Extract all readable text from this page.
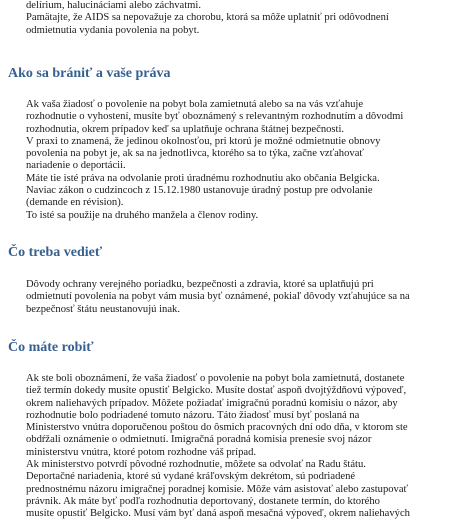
delírium, halucináciami alebo záchvatmi.
Pamätajte, že AIDS sa nepovažuje za chorobu, ktorá sa môže uplatniť pri odôvodnení
odmietnutia vydania povolenia na pobyt.
Ako sa brániť a vaše práva
Ak vaša žiadosť o povolenie na pobyt bola zamietnutá alebo sa na vás vzťahuje
rozhodnutie o vyhostení, musíte byť oboznámený s relevantným rozhodnutím a dôvodmi
rozhodnutia, okrem prípadov keď sa uplatňuje ochrana štátnej bezpečnosti.
V praxi to znamená, že jedinou okolnosťou, pri ktorú je možné odmietnutie obnovy
povolenia na pobyt je, ak sa na jednotlivca, ktorého sa to týka, začne vzťahovať
nariadenie o deportácii.
Máte tie isté práva na odvolanie proti úradnému rozhodnutiu ako občania Belgicka.
Naviac zákon o cudzincoch z 15.12.1980 ustanovuje úradný postup pre odvolanie
(demande en révision).
To isté sa použije na druhého manžela a členov rodiny.
Čo treba vedieť
Dôvody ochrany verejného poriadku, bezpečnosti a zdravia, ktoré sa uplatňujú pri
odmietnutí povolenia na pobyt vám musia byť oznámené, pokiaľ dôvody vzťahujúce sa na
bezpečnosť štátu neustanovujú inak.
Čo máte robiť
Ak ste boli oboznámení, že vaša žiadosť o povolenie na pobyt bola zamietnutá, dostanete
tiež termín dokedy musíte opustiť Belgicko. Musíte dostať aspoň dvojtýždňovú výpoveď,
okrem naliehavých prípadov. Môžete požiadať imigračnú poradnú komisiu o názor, aby
rozhodnutie bolo podriadené tomuto názoru. Táto žiadosť musí byť poslaná na
Ministerstvo vnútra doporučenou poštou do ôsmich pracovných dní odo dňa, v ktorom ste
obdŕžali oznámenie o odmietnutí. Imigračná poradná komisia prenesie svoj názor
ministerstvu vnútra, ktoré potom rozhodne váš prípad.
Ak ministerstvo potvrdí pôvodné rozhodnutie, môžete sa odvolať na Radu štátu.
Deportačné nariadenia, ktoré sú vydané kráľovským dekrétom, sú podriadené
prednostnému názoru imigračnej poradnej komisie. Môže vám asistovať alebo zastupovať
právnik. Ak máte byť podľa rozhodnutia deportovaný, dostanete termín, do ktorého
musíte opustiť Belgicko. Musí vám byť daná aspoň mesačná výpoveď, okrem naliehavých
